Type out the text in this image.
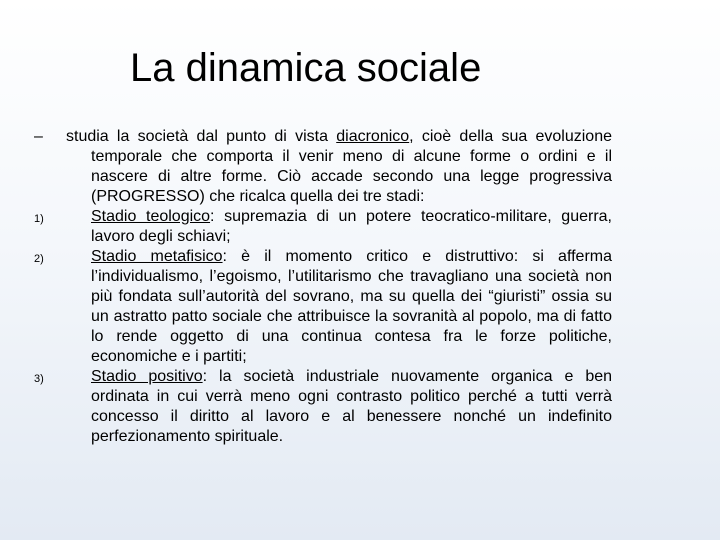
La dinamica sociale
– studia la società dal punto di vista diacronico, cioè della sua evoluzione temporale che comporta il venir meno di alcune forme o ordini e il nascere di altre forme. Ciò accade secondo una legge progressiva (PROGRESSO) che ricalca quella dei tre stadi:
1)	Stadio teologico: supremazia di un potere teocratico-militare, guerra, lavoro degli schiavi;
2)	Stadio metafisico: è il momento critico e distruttivo: si afferma l’individualismo, l’egoismo, l’utilitarismo che travagliano una società non più fondata sull’autorità del sovrano, ma su quella dei “giuristi” ossia su un astratto patto sociale che attribuisce la sovranità al popolo, ma di fatto lo rende oggetto di una continua contesa fra le forze politiche, economiche e i partiti;
3)	Stadio positivo: la società industriale nuovamente organica e ben ordinata in cui verrà meno ogni contrasto politico perché a tutti verrà concesso il diritto al lavoro e al benessere nonché un indefinito perfezionamento spirituale.
